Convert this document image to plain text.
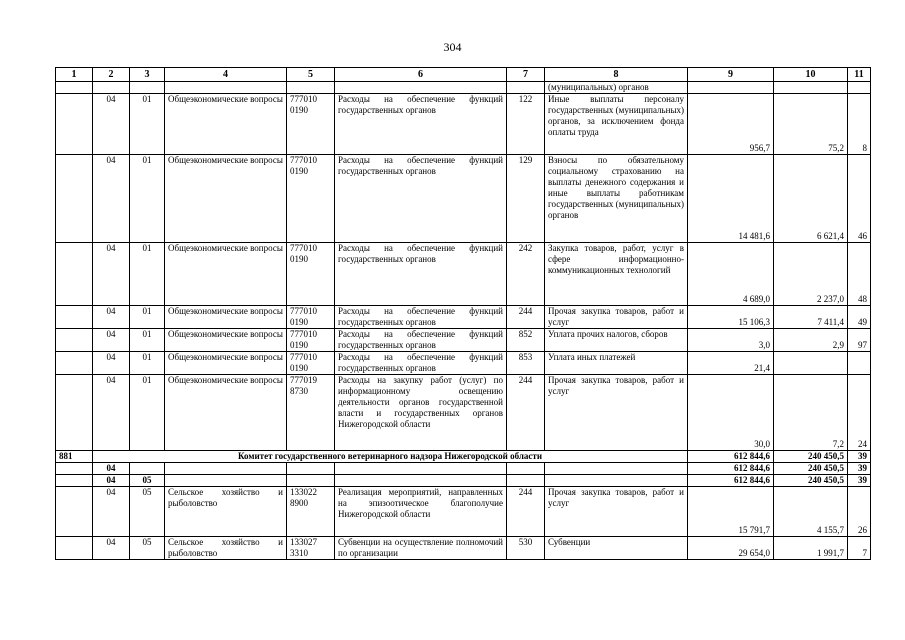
304
1	2	3	4	5	6	7	8	9	10	11
							(муниципальных) органов			
	04	01	Общеэкономические вопросы	777010 0190	Расходы на обеспечение функций государственных органов	122	Иные выплаты персоналу государственных (муниципальных) органов, за исключением фонда оплаты труда	956,7	75,2	8
	04	01	Общеэкономические вопросы	777010 0190	Расходы на обеспечение функций государственных органов	129	Взносы по обязательному социальному страхованию на выплаты денежного содержания и иные выплаты работникам государственных (муниципальных) органов	14 481,6	6 621,4	46
	04	01	Общеэкономические вопросы	777010 0190	Расходы на обеспечение функций государственных органов	242	Закупка товаров, работ, услуг в сфере информационно-коммуникационных технологий	4 689,0	2 237,0	48
	04	01	Общеэкономические вопросы	777010 0190	Расходы на обеспечение функций государственных органов	244	Прочая закупка товаров, работ и услуг	15 106,3	7 411,4	49
	04	01	Общеэкономические вопросы	777010 0190	Расходы на обеспечение функций государственных органов	852	Уплата прочих налогов, сборов	3,0	2,9	97
	04	01	Общеэкономические вопросы	777010 0190	Расходы на обеспечение функций государственных органов	853	Уплата иных платежей	21,4		
	04	01	Общеэкономические вопросы	777019 8730	Расходы на закупку работ (услуг) по информационному освещению деятельности органов государственной власти и государственных органов Нижегородской области	244	Прочая закупка товаров, работ и услуг	30,0	7,2	24
881	Комитет государственного ветеринарного надзора Нижегородской области							612 844,6	240 450,5	39
	04							612 844,6	240 450,5	39
	04	05						612 844,6	240 450,5	39
	04	05	Сельское хозяйство и рыболовство	133022 8900	Реализация мероприятий, направленных на эпизоотическое благополучие Нижегородской области	244	Прочая закупка товаров, работ и услуг	15 791,7	4 155,7	26
	04	05	Сельское хозяйство и рыболовство	133027 3310	Субвенции на осуществление полномочий по организации	530	Субвенции	29 654,0	1 991,7	7
